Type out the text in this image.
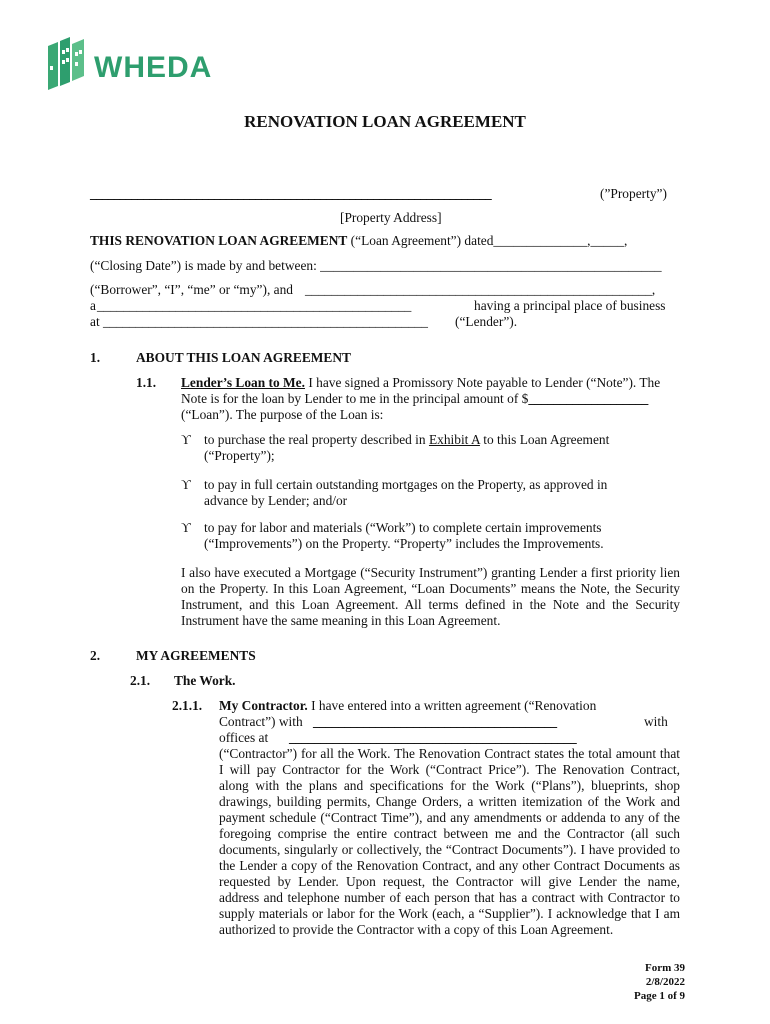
WHEDA
RENOVATION LOAN AGREEMENT
____________________________________________________________________	(”Property”)
[Property Address]
THIS RENOVATION LOAN AGREEMENT (“Loan Agreement”) dated______________,_____,
(“Closing Date”) is made by and between: ___________________________________________________
(“Borrower”, “I”, “me” or “my”), and _____________________________________________________,
a ________________________________________________	having a principal place of business
at __________________________________________________ (“Lender”).
1.	ABOUT THIS LOAN AGREEMENT
1.1. Lender’s Loan to Me. I have signed a Promissory Note payable to Lender (“Note”). The
Note is for the loan by Lender to me in the principal amount of $___________________
(“Loan”). The purpose of the Loan is:
ϒ to purchase the real property described in Exhibit A to this Loan Agreement
(“Property”);
ϒ to pay in full certain outstanding mortgages on the Property, as approved in
advance by Lender; and/or
ϒ to pay for labor and materials (“Work”) to complete certain improvements
(“Improvements”) on the Property. “Property” includes the Improvements.
I also have executed a Mortgage (“Security Instrument”) granting Lender a first priority lien on the Property. In this Loan Agreement, “Loan Documents” means the Note, the Security Instrument, and this Loan Agreement. All terms defined in the Note and the Security Instrument have the same meaning in this Loan Agreement.
2.	MY AGREEMENTS
2.1. The Work.
2.1.1. My Contractor. I have entered into a written agreement (“Renovation
Contract”) with _______________________________________	with
offices at ______________________________________________
(“Contractor”) for all the Work. The Renovation Contract states the total amount that I will pay Contractor for the Work (“Contract Price”). The Renovation Contract, along with the plans and specifications for the Work (“Plans”), blueprints, shop drawings, building permits, Change Orders, a written itemization of the Work and payment schedule (“Contract Time”), and any amendments or addenda to any of the foregoing comprise the entire contract between me and the Contractor (all such documents, singularly or collectively, the “Contract Documents”). I have provided to the Lender a copy of the Renovation Contract, and any other Contract Documents as requested by Lender. Upon request, the Contractor will give Lender the name, address and telephone number of each person that has a contract with Contractor to supply materials or labor for the Work (each, a “Supplier”). I acknowledge that I am authorized to provide the Contractor with a copy of this Loan Agreement.
Form 39
2/8/2022
Page 1 of 9
